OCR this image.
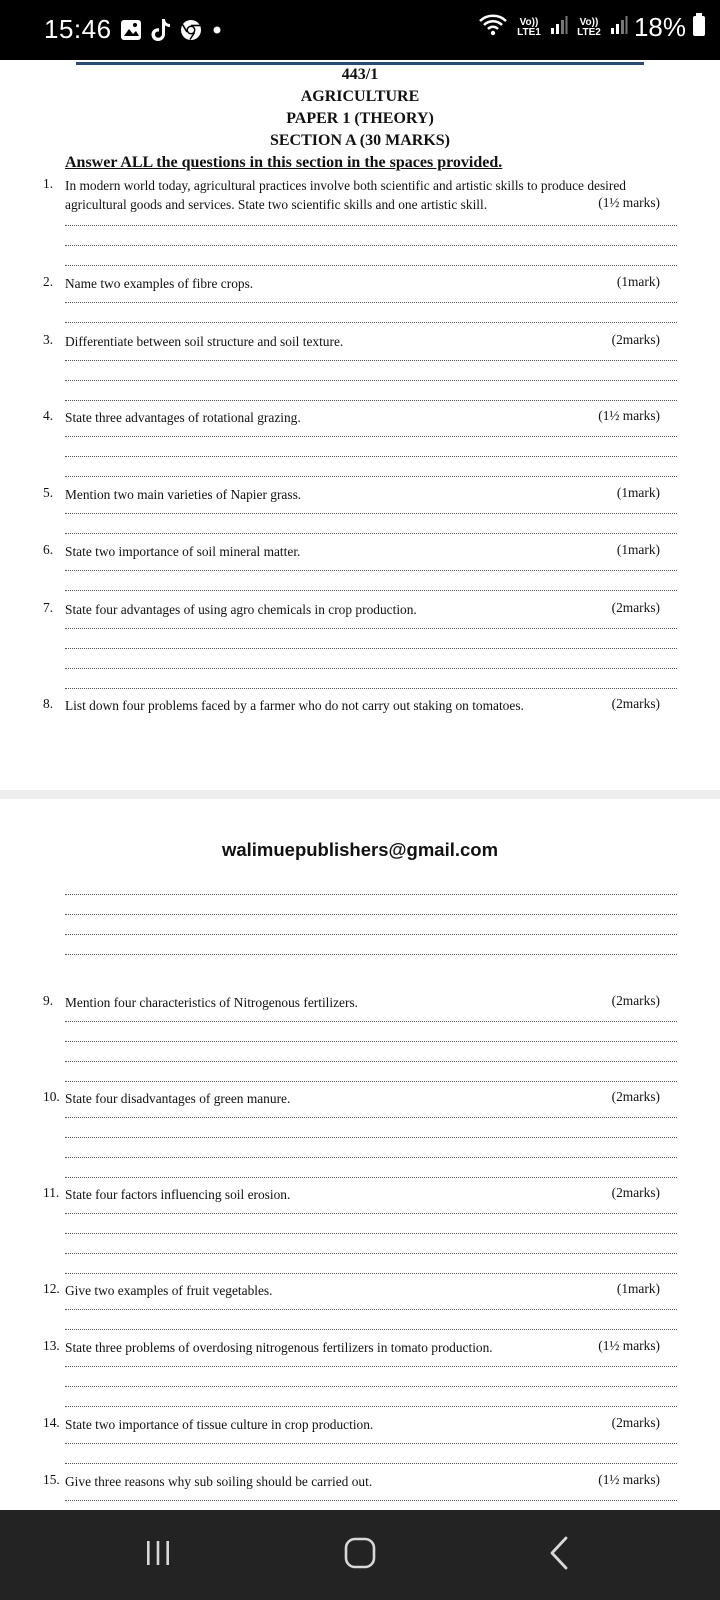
15:46	Vo)) LTE1
Vo)) LTE2 18%
443/1
AGRICULTURE
PAPER 1 (THEORY)
SECTION A (30 MARKS)
Answer ALL the questions in this section in the spaces provided.
1. In modern world today, agricultural practices involve both scientific and artistic skills to produce desired agricultural goods and services. State two scientific skills and one artistic skill.	(1½ marks)
2. Name two examples of fibre crops.	(1mark)
3. Differentiate between soil structure and soil texture.	(2marks)
4. State three advantages of rotational grazing.	(1½ marks)
5. Mention two main varieties of Napier grass.	(1mark)
6. State two importance of soil mineral matter.	(1mark)
7. State four advantages of using agro chemicals in crop production.	(2marks)
8. List down four problems faced by a farmer who do not carry out staking on tomatoes.	(2marks)
walimuepublishers@gmail.com
9. Mention four characteristics of Nitrogenous fertilizers.	(2marks)
10. State four disadvantages of green manure.	(2marks)
11. State four factors influencing soil erosion.	(2marks)
12. Give two examples of fruit vegetables.	(1mark)
13. State three problems of overdosing nitrogenous fertilizers in tomato production.	(1½ marks)
14. State two importance of tissue culture in crop production.	(2marks)
15. Give three reasons why sub soiling should be carried out.	(1½ marks)
